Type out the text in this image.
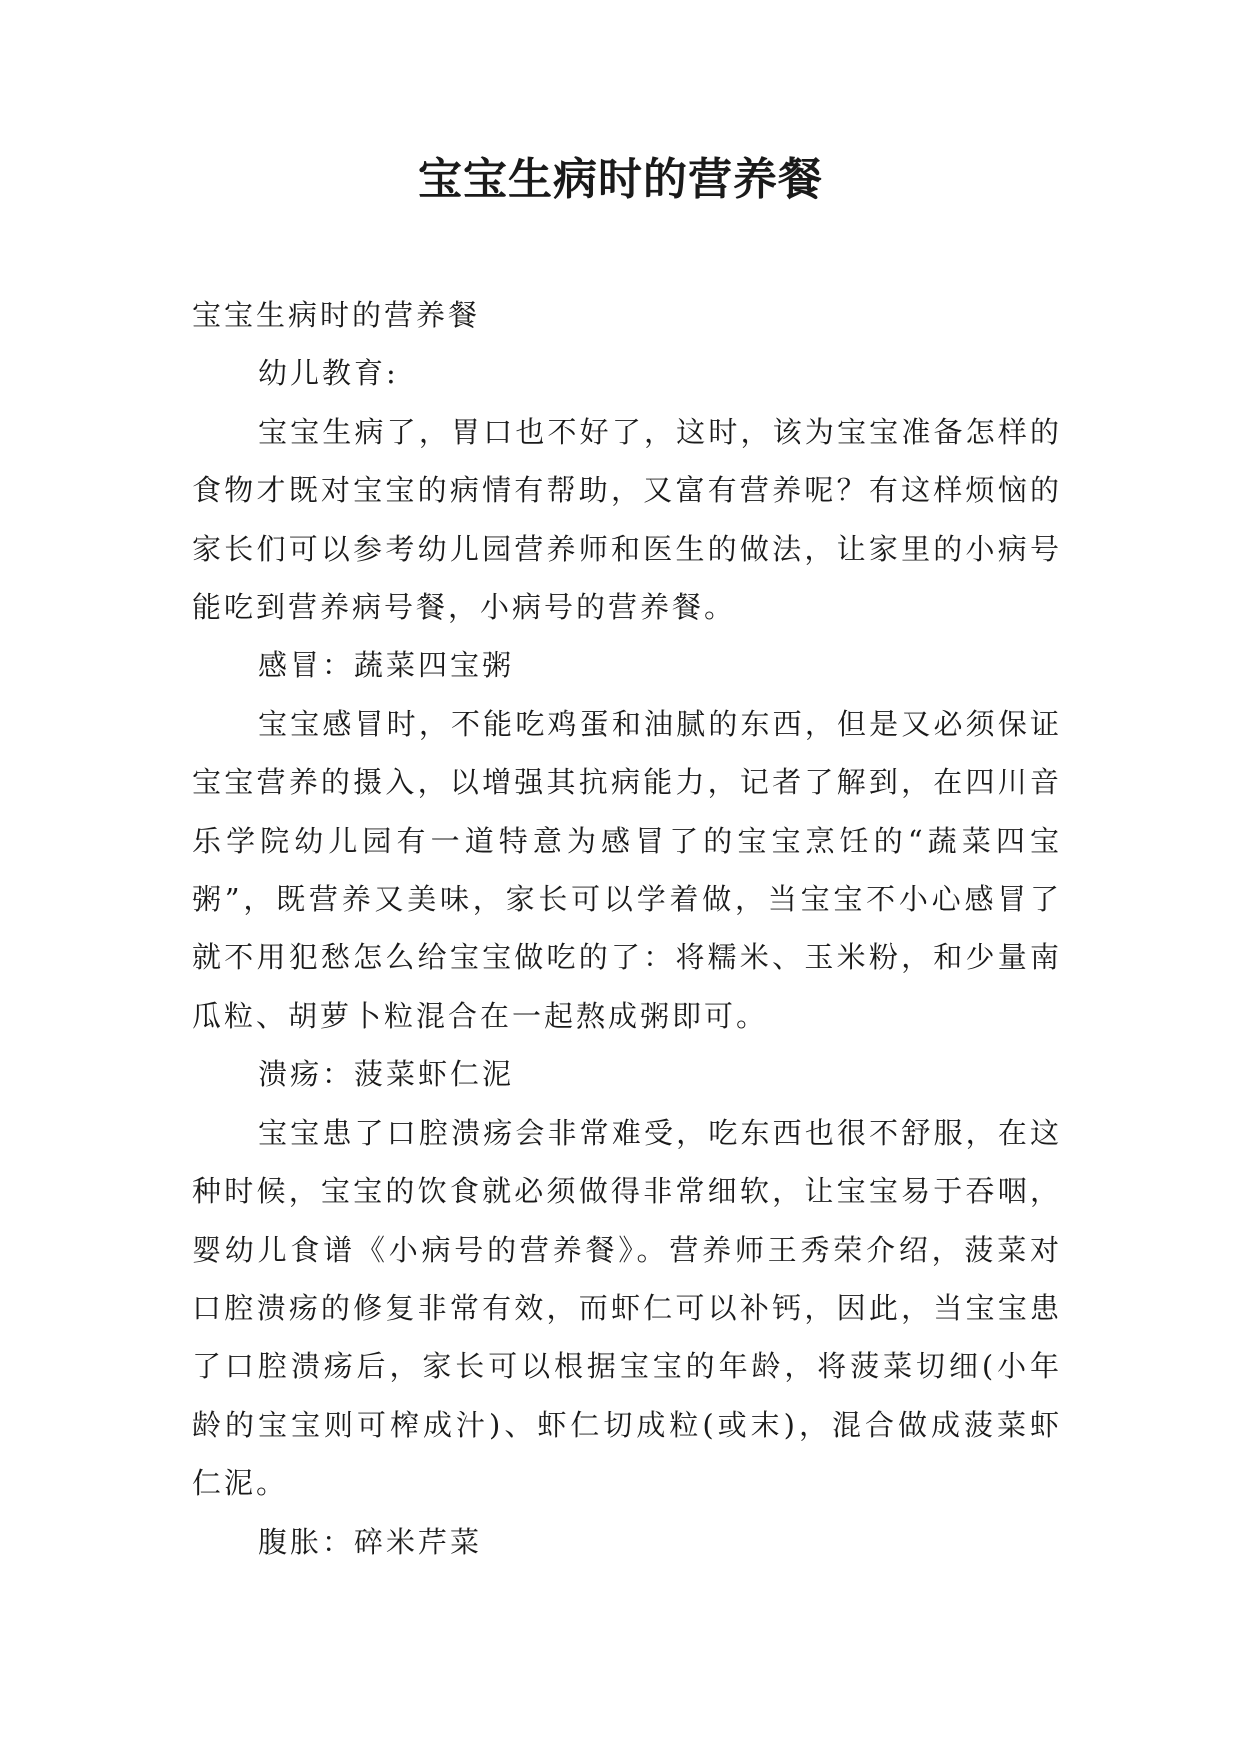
宝宝生病时的营养餐

宝宝生病时的营养餐

幼儿教育:

宝宝生病了，胃口也不好了，这时，该为宝宝准备怎样的食物才既对宝宝的病情有帮助，又富有营养呢？有这样烦恼的家长们可以参考幼儿园营养师和医生的做法，让家里的小病号能吃到营养病号餐，小病号的营养餐。

感冒：蔬菜四宝粥

宝宝感冒时，不能吃鸡蛋和油腻的东西，但是又必须保证宝宝营养的摄入，以增强其抗病能力，记者了解到，在四川音乐学院幼儿园有一道特意为感冒了的宝宝烹饪的“蔬菜四宝粥”，既营养又美味，家长可以学着做，当宝宝不小心感冒了就不用犯愁怎么给宝宝做吃的了：将糯米、玉米粉，和少量南瓜粒、胡萝卜粒混合在一起熬成粥即可。

溃疡：菠菜虾仁泥

宝宝患了口腔溃疡会非常难受，吃东西也很不舒服，在这种时候，宝宝的饮食就必须做得非常细软，让宝宝易于吞咽，婴幼儿食谱《小病号的营养餐》。营养师王秀荣介绍，菠菜对口腔溃疡的修复非常有效，而虾仁可以补钙，因此，当宝宝患了口腔溃疡后，家长可以根据宝宝的年龄，将菠菜切细(小年龄的宝宝则可榨成汁)、虾仁切成粒(或末)，混合做成菠菜虾仁泥。

腹胀：碎米芹菜
